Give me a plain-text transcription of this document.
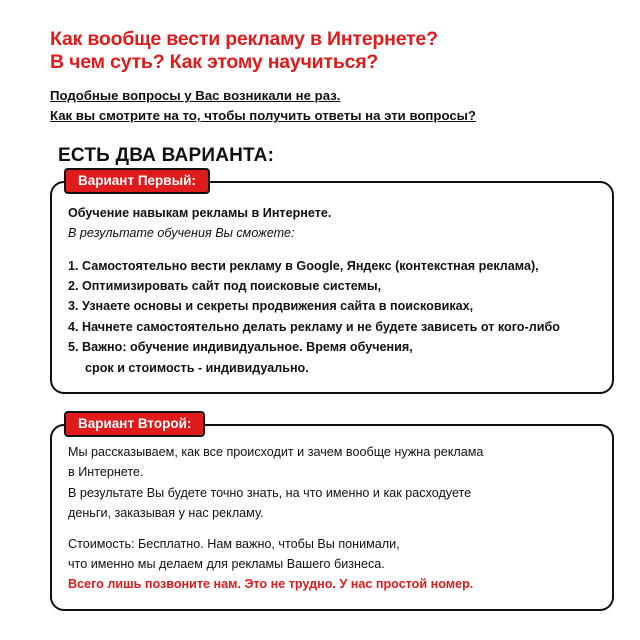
Как вообще вести рекламу в Интернете?
В чем суть? Как этому научиться?
Подобные вопросы у Вас возникали не раз.
Как вы смотрите на то, чтобы получить ответы на эти вопросы?
ЕСТЬ ДВА ВАРИАНТА:
Вариант Первый:
Обучение навыкам рекламы в Интернете.
В результате обучения Вы сможете:
1. Самостоятельно вести рекламу в Google, Яндекс (контекстная реклама),
2. Оптимизировать сайт под поисковые системы,
3. Узнаете основы и секреты продвижения сайта в поисковиках,
4. Начнете самостоятельно делать рекламу и не будете зависеть от кого-либо
5. Важно: обучение индивидуальное. Время обучения,
срок и стоимость - индивидуально.
Вариант Второй:
Мы рассказываем, как все происходит и зачем вообще нужна реклама
в Интернете.
В результате Вы будете точно знать, на что именно и как расходуете
деньги, заказывая у нас рекламу.
Стоимость: Бесплатно. Нам важно, чтобы Вы понимали,
что именно мы делаем для рекламы Вашего бизнеса.
Всего лишь позвоните нам. Это не трудно. У нас простой номер.
